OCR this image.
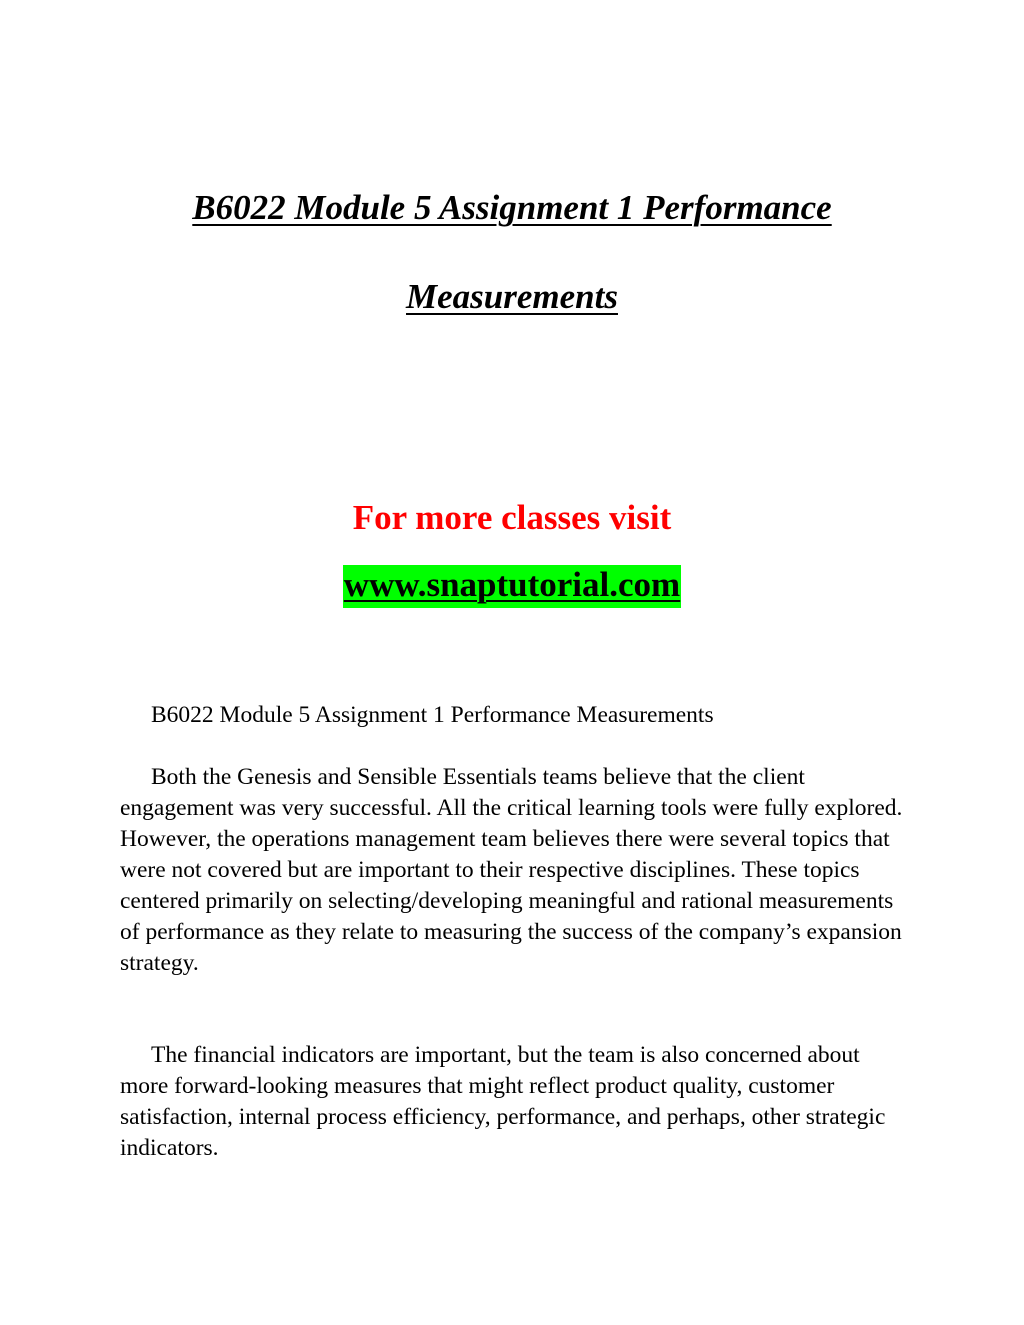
B6022 Module 5 Assignment 1 Performance
Measurements
For more classes visit
www.snaptutorial.com

B6022 Module 5 Assignment 1 Performance Measurements

Both the Genesis and Sensible Essentials teams believe that the client engagement was very successful. All the critical learning tools were fully explored. However, the operations management team believes there were several topics that were not covered but are important to their respective disciplines. These topics centered primarily on selecting/developing meaningful and rational measurements of performance as they relate to measuring the success of the company’s expansion strategy.

The financial indicators are important, but the team is also concerned about more forward-looking measures that might reflect product quality, customer satisfaction, internal process efficiency, performance, and perhaps, other strategic indicators.
